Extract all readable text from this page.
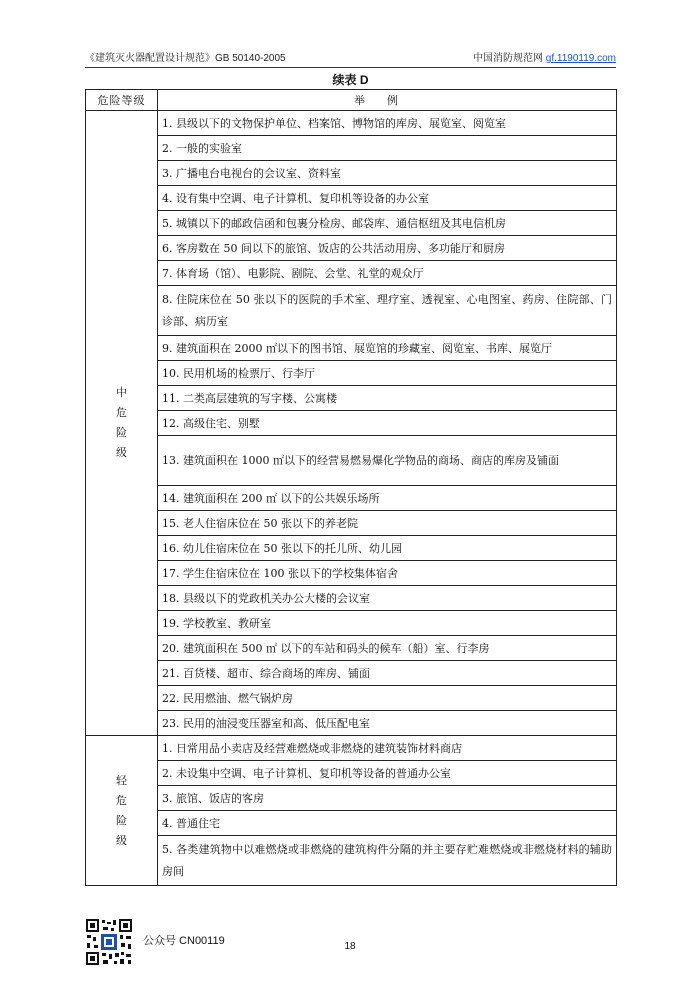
《建筑灭火器配置设计规范》GB 50140-2005	中国消防规范网 gf.1190119.com
续表 D
危险等级	举例

中危险级	1. 县级以下的文物保护单位、档案馆、博物馆的库房、展览室、阅览室
	2. 一般的实验室
	3. 广播电台电视台的会议室、资料室
	4. 设有集中空调、电子计算机、复印机等设备的办公室
	5. 城镇以下的邮政信函和包裹分检房、邮袋库、通信枢纽及其电信机房
	6. 客房数在 50 间以下的旅馆、饭店的公共活动用房、多功能厅和厨房
	7. 体育场（馆）、电影院、剧院、会堂、礼堂的观众厅
	8. 住院床位在 50 张以下的医院的手术室、理疗室、透视室、心电图室、药房、住院部、门诊部、病历室
	9. 建筑面积在 2000 ㎡以下的图书馆、展览馆的珍藏室、阅览室、书库、展览厅
	10. 民用机场的检票厅、行李厅
	11. 二类高层建筑的写字楼、公寓楼
	12. 高级住宅、别墅
	13. 建筑面积在 1000 ㎡以下的经营易燃易爆化学物品的商场、商店的库房及铺面
	14. 建筑面积在 200 ㎡ 以下的公共娱乐场所
	15. 老人住宿床位在 50 张以下的养老院
	16. 幼儿住宿床位在 50 张以下的托儿所、幼儿园
	17. 学生住宿床位在 100 张以下的学校集体宿舍
	18. 县级以下的党政机关办公大楼的会议室
	19. 学校教室、教研室
	20. 建筑面积在 500 ㎡ 以下的车站和码头的候车（船）室、行李房
	21. 百货楼、超市、综合商场的库房、铺面
	22. 民用燃油、燃气锅炉房
	23. 民用的油浸变压器室和高、低压配电室

轻危险级	1. 日常用品小卖店及经营难燃烧或非燃烧的建筑装饰材料商店
	2. 未设集中空调、电子计算机、复印机等设备的普通办公室
	3. 旅馆、饭店的客房
	4. 普通住宅
	5. 各类建筑物中以难燃烧或非燃烧的建筑构件分隔的并主要存贮难燃烧或非燃烧材料的辅助房间
公众号 CN00119	18
